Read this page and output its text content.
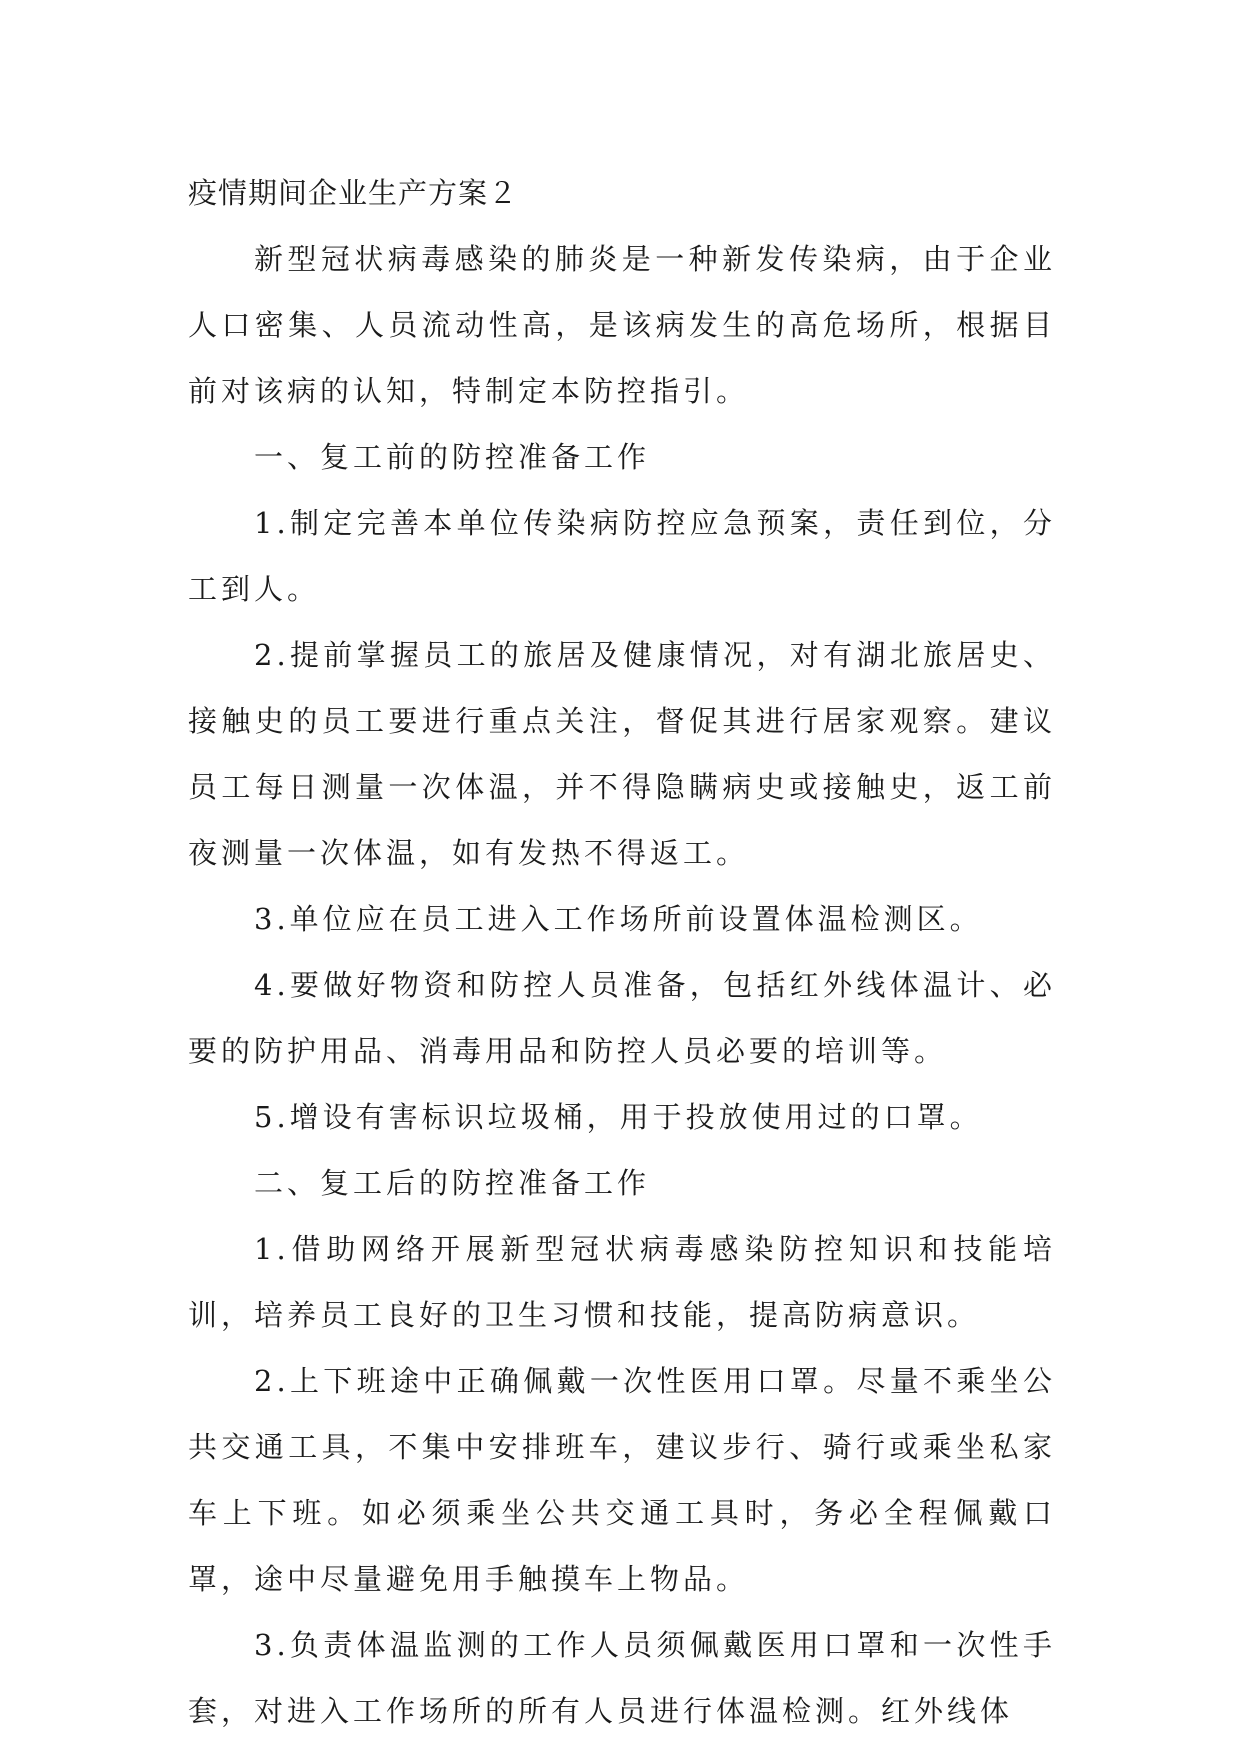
疫情期间企业生产方案２

新型冠状病毒感染的肺炎是一种新发传染病，由于企业人口密集、人员流动性高，是该病发生的高危场所，根据目前对该病的认知，特制定本防控指引。

一、复工前的防控准备工作

1.制定完善本单位传染病防控应急预案，责任到位，分工到人。

2.提前掌握员工的旅居及健康情况，对有湖北旅居史、接触史的员工要进行重点关注，督促其进行居家观察。建议员工每日测量一次体温，并不得隐瞒病史或接触史，返工前夜测量一次体温，如有发热不得返工。

3.单位应在员工进入工作场所前设置体温检测区。

4.要做好物资和防控人员准备，包括红外线体温计、必要的防护用品、消毒用品和防控人员必要的培训等。

5.增设有害标识垃圾桶，用于投放使用过的口罩。

二、复工后的防控准备工作

1.借助网络开展新型冠状病毒感染防控知识和技能培训，培养员工良好的卫生习惯和技能，提高防病意识。

2.上下班途中正确佩戴一次性医用口罩。尽量不乘坐公共交通工具，不集中安排班车，建议步行、骑行或乘坐私家车上下班。如必须乘坐公共交通工具时，务必全程佩戴口罩，途中尽量避免用手触摸车上物品。

3.负责体温监测的工作人员须佩戴医用口罩和一次性手套，对进入工作场所的所有人员进行体温检测。红外线体
